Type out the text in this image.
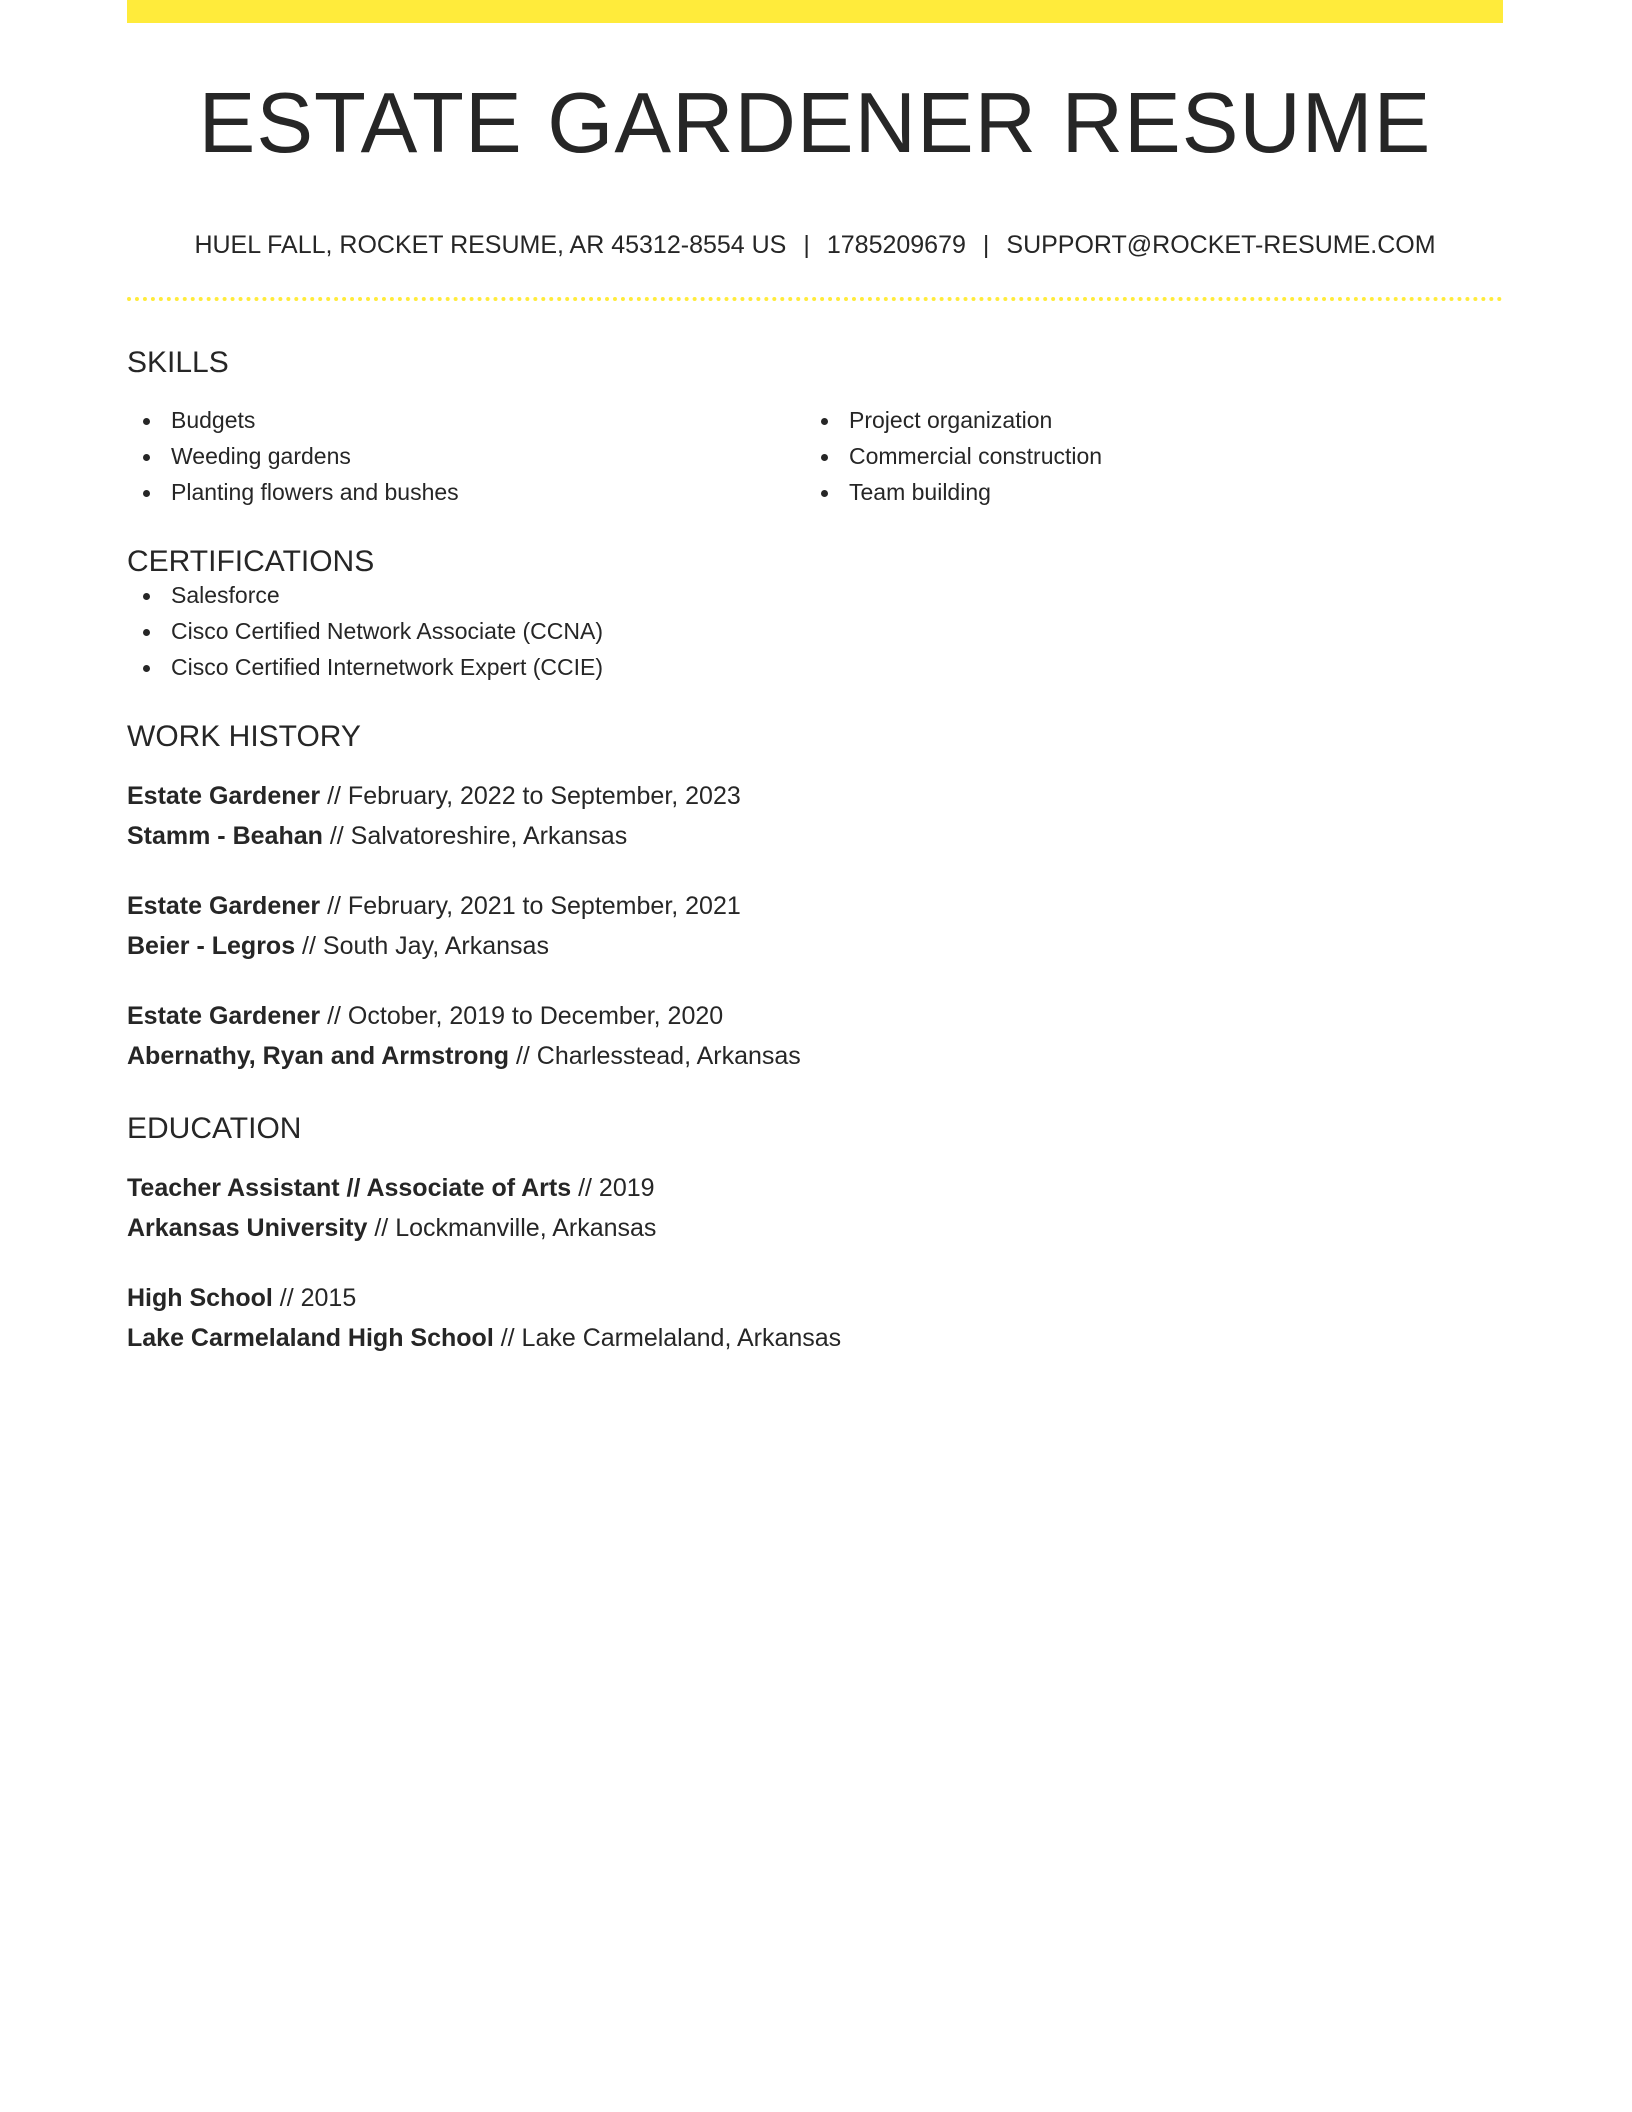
ESTATE GARDENER RESUME
HUEL FALL, ROCKET RESUME, AR 45312-8554 US | 1785209679 | SUPPORT@ROCKET-RESUME.COM
SKILLS
Budgets
Weeding gardens
Planting flowers and bushes
Project organization
Commercial construction
Team building
CERTIFICATIONS
Salesforce
Cisco Certified Network Associate (CCNA)
Cisco Certified Internetwork Expert (CCIE)
WORK HISTORY
Estate Gardener // February, 2022 to September, 2023
Stamm - Beahan // Salvatoreshire, Arkansas
Estate Gardener // February, 2021 to September, 2021
Beier - Legros // South Jay, Arkansas
Estate Gardener // October, 2019 to December, 2020
Abernathy, Ryan and Armstrong // Charlesstead, Arkansas
EDUCATION
Teacher Assistant // Associate of Arts // 2019
Arkansas University // Lockmanville, Arkansas
High School // 2015
Lake Carmelaland High School // Lake Carmelaland, Arkansas
